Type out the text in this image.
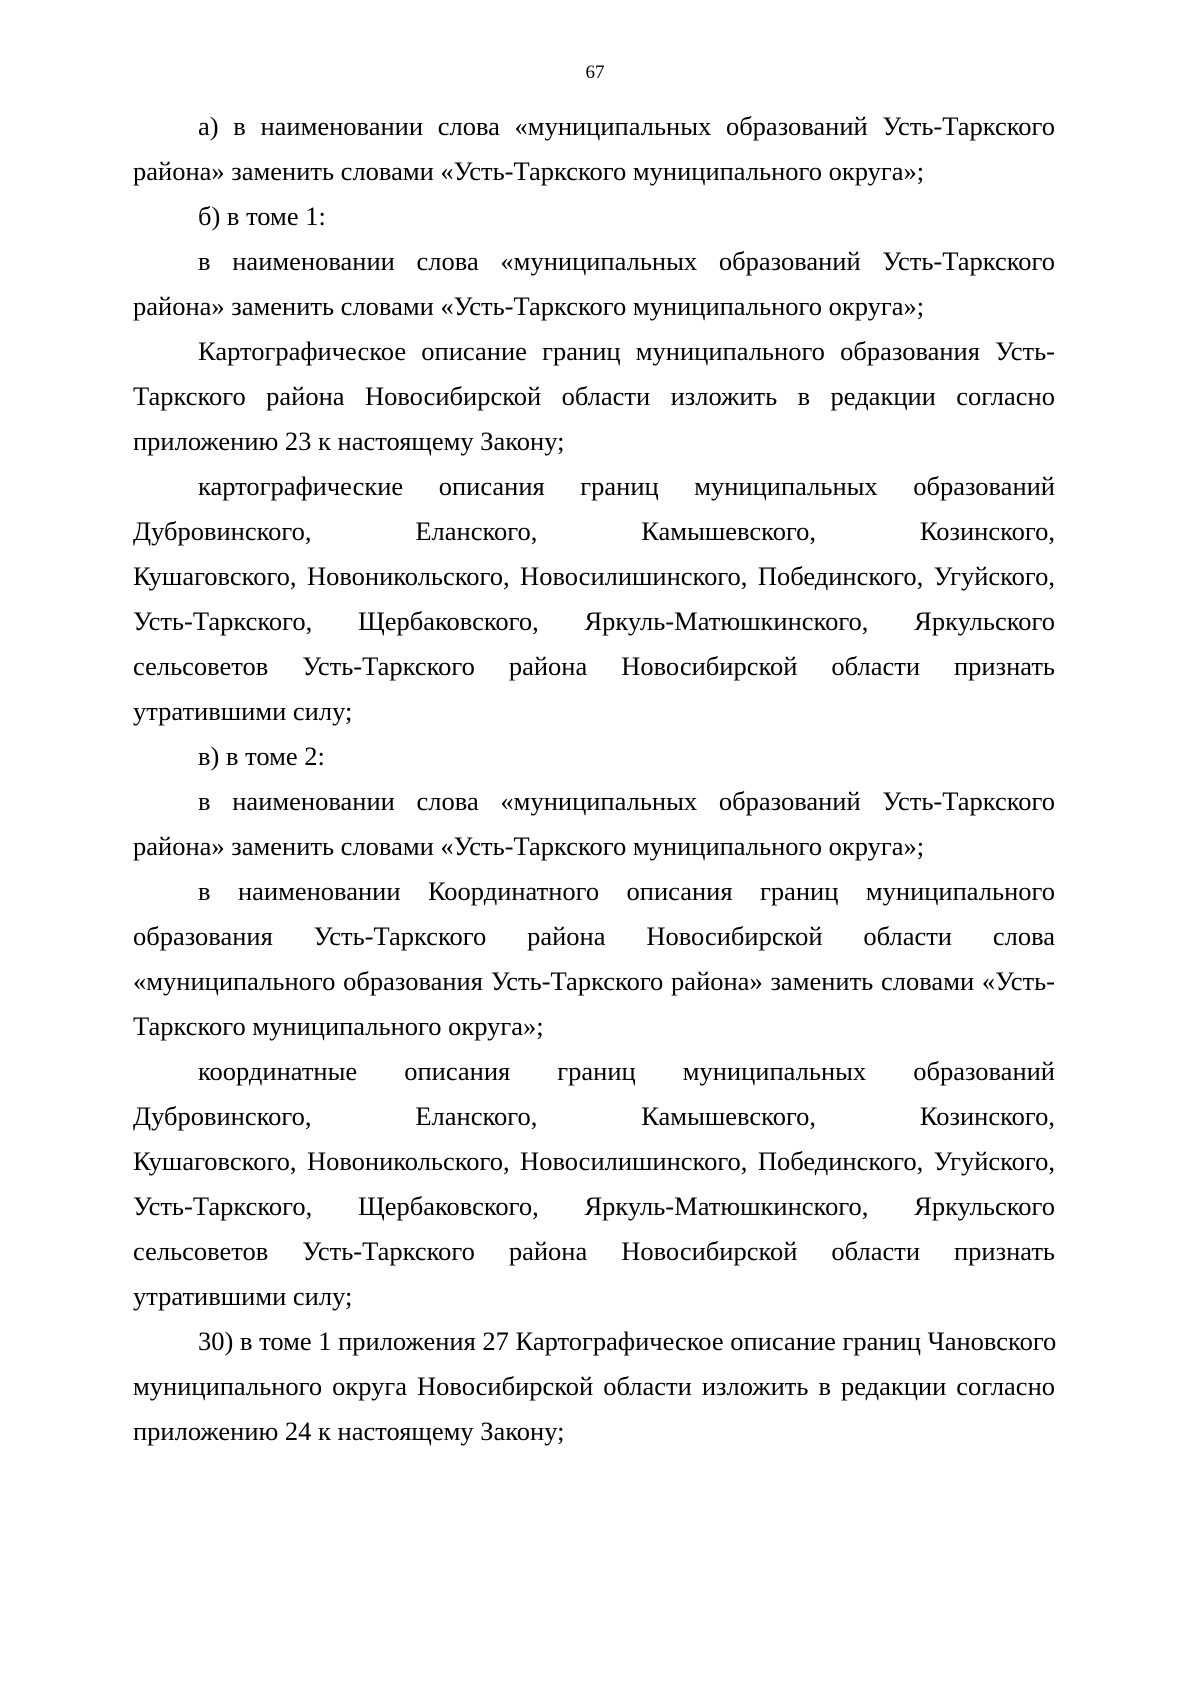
67
а) в наименовании слова «муниципальных образований Усть-Таркского
района» заменить словами «Усть-Таркского муниципального округа»;
б) в томе 1:
в наименовании слова «муниципальных образований Усть-Таркского
района» заменить словами «Усть-Таркского муниципального округа»;
Картографическое описание границ муниципального образования Усть-
Таркского района Новосибирской области изложить в редакции согласно
приложению 23 к настоящему Закону;
картографические описания границ муниципальных образований
Дубровинского, Еланского, Камышевского, Козинского,
Кушаговского, Новоникольского, Новосилишинского, Побединского, Угуйского,
Усть-Таркского, Щербаковского, Яркуль-Матюшкинского, Яркульского
сельсоветов Усть-Таркского района Новосибирской области признать
утратившими силу;
в) в томе 2:
в наименовании слова «муниципальных образований Усть-Таркского
района» заменить словами «Усть-Таркского муниципального округа»;
в наименовании Координатного описания границ муниципального
образования Усть-Таркского района Новосибирской области слова
«муниципального образования Усть-Таркского района» заменить словами «Усть-
Таркского муниципального округа»;
координатные описания границ муниципальных образований
Дубровинского, Еланского, Камышевского, Козинского,
Кушаговского, Новоникольского, Новосилишинского, Побединского, Угуйского,
Усть-Таркского, Щербаковского, Яркуль-Матюшкинского, Яркульского
сельсоветов Усть-Таркского района Новосибирской области признать
утратившими силу;
30) в томе 1 приложения 27 Картографическое описание границ Чановского
муниципального округа Новосибирской области изложить в редакции согласно
приложению 24 к настоящему Закону;
